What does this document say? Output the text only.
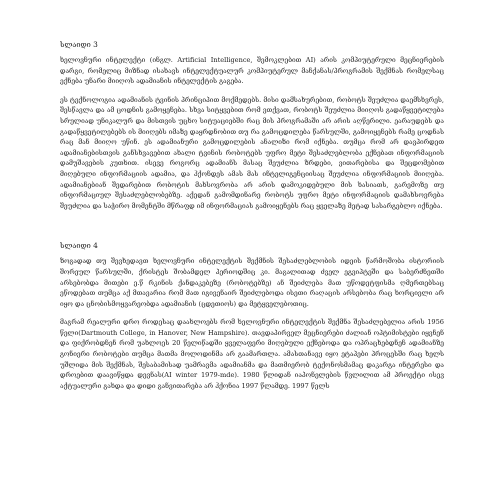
სლაიდი 3

ხელოვნური ინტელექტი (ინგლ. Artificial Intelligence, შემოკლებით AI) არის კომპიუტერული მეცნიერების დარგი, რომელიც მიზნად ისახავს ინტელექტუალურ კომპიუტერულ მანქანას/პროგრამის შექმნას რომელსაც ექნება უნარი მიიღოს ადამიანის ინტელექტის გაგება.

ეს ტექნოლოგია ადამიანის ტვინის პრინციპით მოქმედებს. მისი დამსახურებით, რობოტს შეუძლია დაემსხვრეს, შესწავლა და ამ ცოდნის გამოყენება. სხვა სიტყვებით რომ ვთქვათ, რობოტს შეუძლია მიიღოს გადაწყვეტილება სრულიად უნიკალურ და მისთვის უცხო სიტუაციებში რაც მის პროგრამაში არ არის აღწერილი. ეარაუდებს და გადაწყვეტილებებს ის მიიღებს იმაზე დაყრდნობით თუ რა გამოცდილება წარსულში, გამოიყენებს რამე ცოდნას რაც მან მიიღო უწინ. ეს ადამიანური გამოცდილების ანალიზი რომ იქნება. თუმცა რომ არ დავპირდეთ ადამიანებისთვის განსხვავებით ახალი ტვინის რობოტებს უფრო მეტი შესაძლებლობა ექნებათ ინფორმაციის დამუშავების კუთხით. ისევე როგორც ადამიანს მასაც შეუძლია ზრდები, ვითარებისა და შეცდომებით მიღებული ინფორმაციის ადამია, და ჰქონდეს ამას მას ინტელიგენციისაც შეუძლია ინფორმაციის მიიღება. ადამიანებიან შედარებით რობოტის მახსოვრობა არ არის დამოკიდებული მის ხასიათს, გარემოზე თუ ინფორმაციულ შესაძლებლობებზე. აქედან გამომდინარე რობოტს უფრო მეტი ინფორმაციის დამახსოვრება შეუძლია და საჭირო მომენტში მწრაფდ იმ ინფორმაციას გამოიყენებს რაც ყველაზე მეტად სასარგებლო იქნება.

სლაიდი 4

ზოგადად თუ შევხედავთ ხელოვნური ინტელექტის შექმნის შესაძლებლობის იდეის წარმოშობა ისტორიის შორეულ წარსულში, ქრისტეს შობამდელ პერიოდშიც კი. მაგალითად ძველ ეგვიპტეში და საბერძნეთში არსებობდა მითები ე.წ რკინის ქანდაკებეზე (რობოტებზე) ან შეიძლება მათ უწოდეტფისმა ღმერთებსაც ეწოდებათ თუმცა აქ მთავარია რომ მათ იგივენაირ შეიძლებოდა ისეთი რაღაცის არსებობა რაც ხორციელი არ იყო და ცნობისმოყვარეობდა ადამიანის (ცდეთიოს) და მეტყველებოთიც.

მაგრამ რეალური დრო როდესაც დაახლოებს რომ ხელოვნური ინტელექტის შექმნა შესაძლებელია არის 1956 წელი(Dartmouth College, in Hanover, New Hampshire). თავდაპირველ მეცნიერები ძალიან ოპტიმისტები იყვნენ და ფიქრობდნენ რომ უახლოეს 20 წელიწადში ყველაფერი მიღებული ექნებოდა და ოპრაცხებდნენ ადამიანზე გონიერი რობოტები თუმცა მათმა მოლოდინმა არ გაამართლა. ამასთანავე იყო ეტაპები პროცესში რაც ხელს უშლიდა მის შექმნას, შესაბამისად უამრავმა ადამიანმა და მათმიერობ ტექონოსმამაც დაკარგა ინტერესი და დროებით დაავიწყდა დევნას(AI winter 1979-mde). 1980 წლიდან იაპონელების წვლილით ამ პროექტი ისევ აქტუალური გახდა და დიდი განვითარება არ ჰქონია 1997 წლამდე. 1997 წელს
